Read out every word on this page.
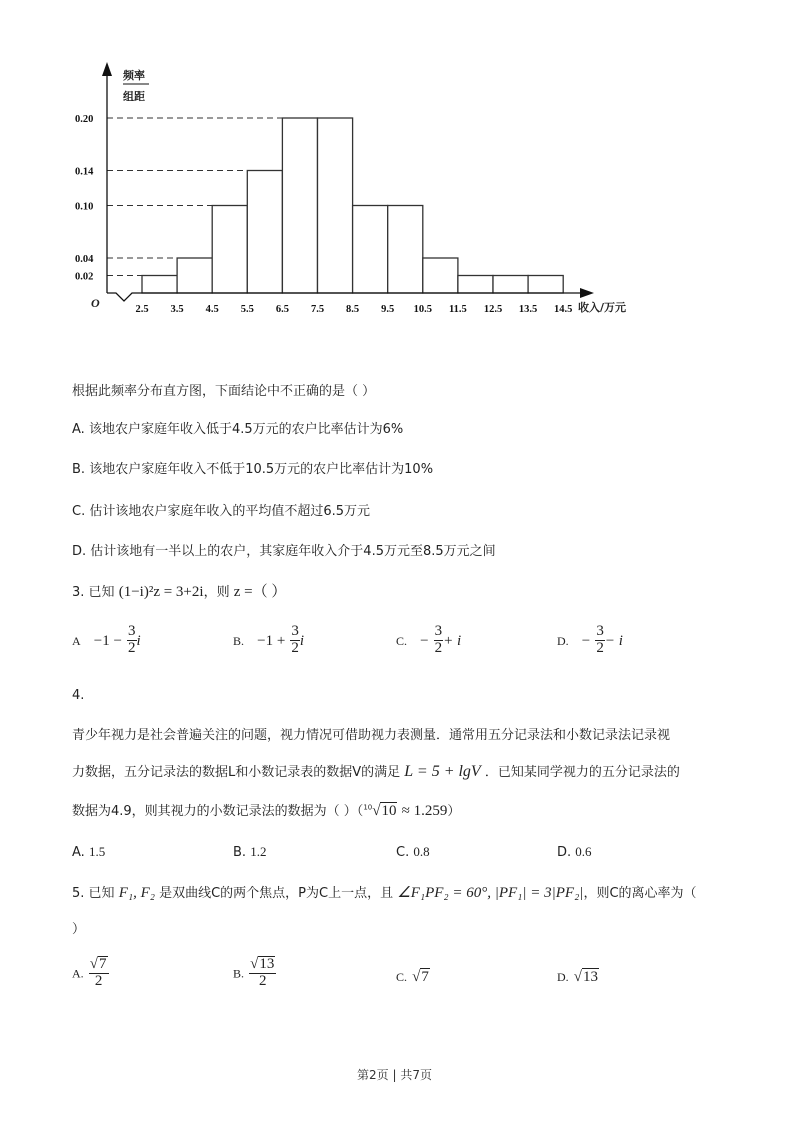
0.20
0.14
0.10
0.04
0.02
2.5 3.5 4.5 5.5 6.5 7.5 8.5 9.5 10.5 11.5 12.5 13.5 14.5
频率
组距
O	收入/万元
根据此频率分布直方图，下面结论中不正确的是（ ）
A. 该地农户家庭年收入低于4.5万元的农户比率估计为6%
B. 该地农户家庭年收入不低于10.5万元的农户比率估计为10%
C. 估计该地农户家庭年收入的平均值不超过6.5万元
D. 估计该地有一半以上的农户，其家庭年收入介于4.5万元至8.5万元之间
3. 已知 (1−i)²z = 3+2i，则 z =（ ）
$A -1 - \frac{3}{2}$ i	B. $-1 + \frac{3}{2}$ i	C. − $\frac{3}{2} + i$	D. − $\frac{3}{2} - i$
4.
青少年视力是社会普遍关注的问题，视力情况可借助视力表测量．通常用五分记录法和小数记录法记录视
力数据，五分记录法的数据L和小数记录表的数据V的满足 L = 5 + lgV ．已知某同学视力的五分记录法的
数据为4.9，则其视力的小数记录法的数据为（ ）（$^{10}$√10 ≈ 1.259）
A. 1.5	B. 1.2	C. 0.8	D. 0.6
5. 已知 F₁, F₂ 是双曲线C的两个焦点，P为C上一点，且 ∠F₁PF₂ = 60°, |PF₁| = 3|PF₂|，则C的离心率为（
）
A. $\frac{√7}{2}$	B. $\frac{√13}{2}$	C. √7	D. √13
第2页 | 共7页
